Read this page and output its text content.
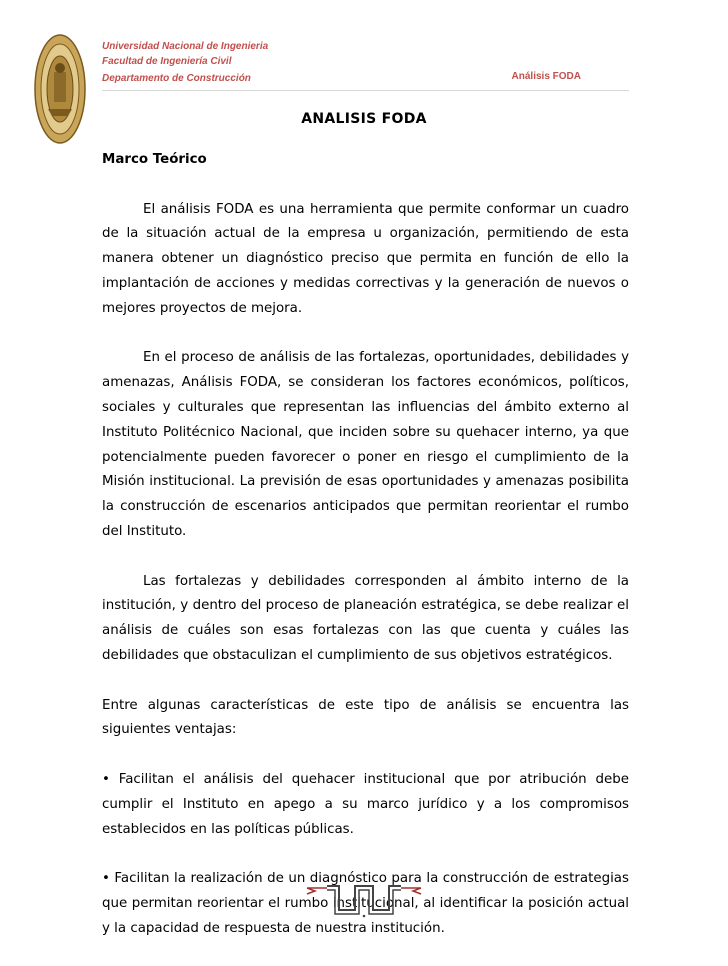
Universidad Nacional de Ingenieria
Facultad de Ingeniería Civil
Departamento de Construcción	Análisis FODA
ANALISIS FODA
Marco Teórico

El análisis FODA es una herramienta que permite conformar un cuadro de la situación actual de la empresa u organización, permitiendo de esta manera obtener un diagnóstico preciso que permita en función de ello la implantación de acciones y medidas correctivas y la generación de nuevos o mejores proyectos de mejora.

En el proceso de análisis de las fortalezas, oportunidades, debilidades y amenazas, Análisis FODA, se consideran los factores económicos, políticos, sociales y culturales que representan las influencias del ámbito externo al Instituto Politécnico Nacional, que inciden sobre su quehacer interno, ya que potencialmente pueden favorecer o poner en riesgo el cumplimiento de la Misión institucional. La previsión de esas oportunidades y amenazas posibilita la construcción de escenarios anticipados que permitan reorientar el rumbo del Instituto.

Las fortalezas y debilidades corresponden al ámbito interno de la institución, y dentro del proceso de planeación estratégica, se debe realizar el análisis de cuáles son esas fortalezas con las que cuenta y cuáles las debilidades que obstaculizan el cumplimiento de sus objetivos estratégicos.

Entre algunas características de este tipo de análisis se encuentra las siguientes ventajas:

• Facilitan el análisis del quehacer institucional que por atribución debe cumplir el Instituto en apego a su marco jurídico y a los compromisos establecidos en las políticas públicas.

• Facilitan la realización de un diagnóstico para la construcción de estrategias que permitan reorientar el rumbo institucional, al identificar la posición actual y la capacidad de respuesta de nuestra institución.
